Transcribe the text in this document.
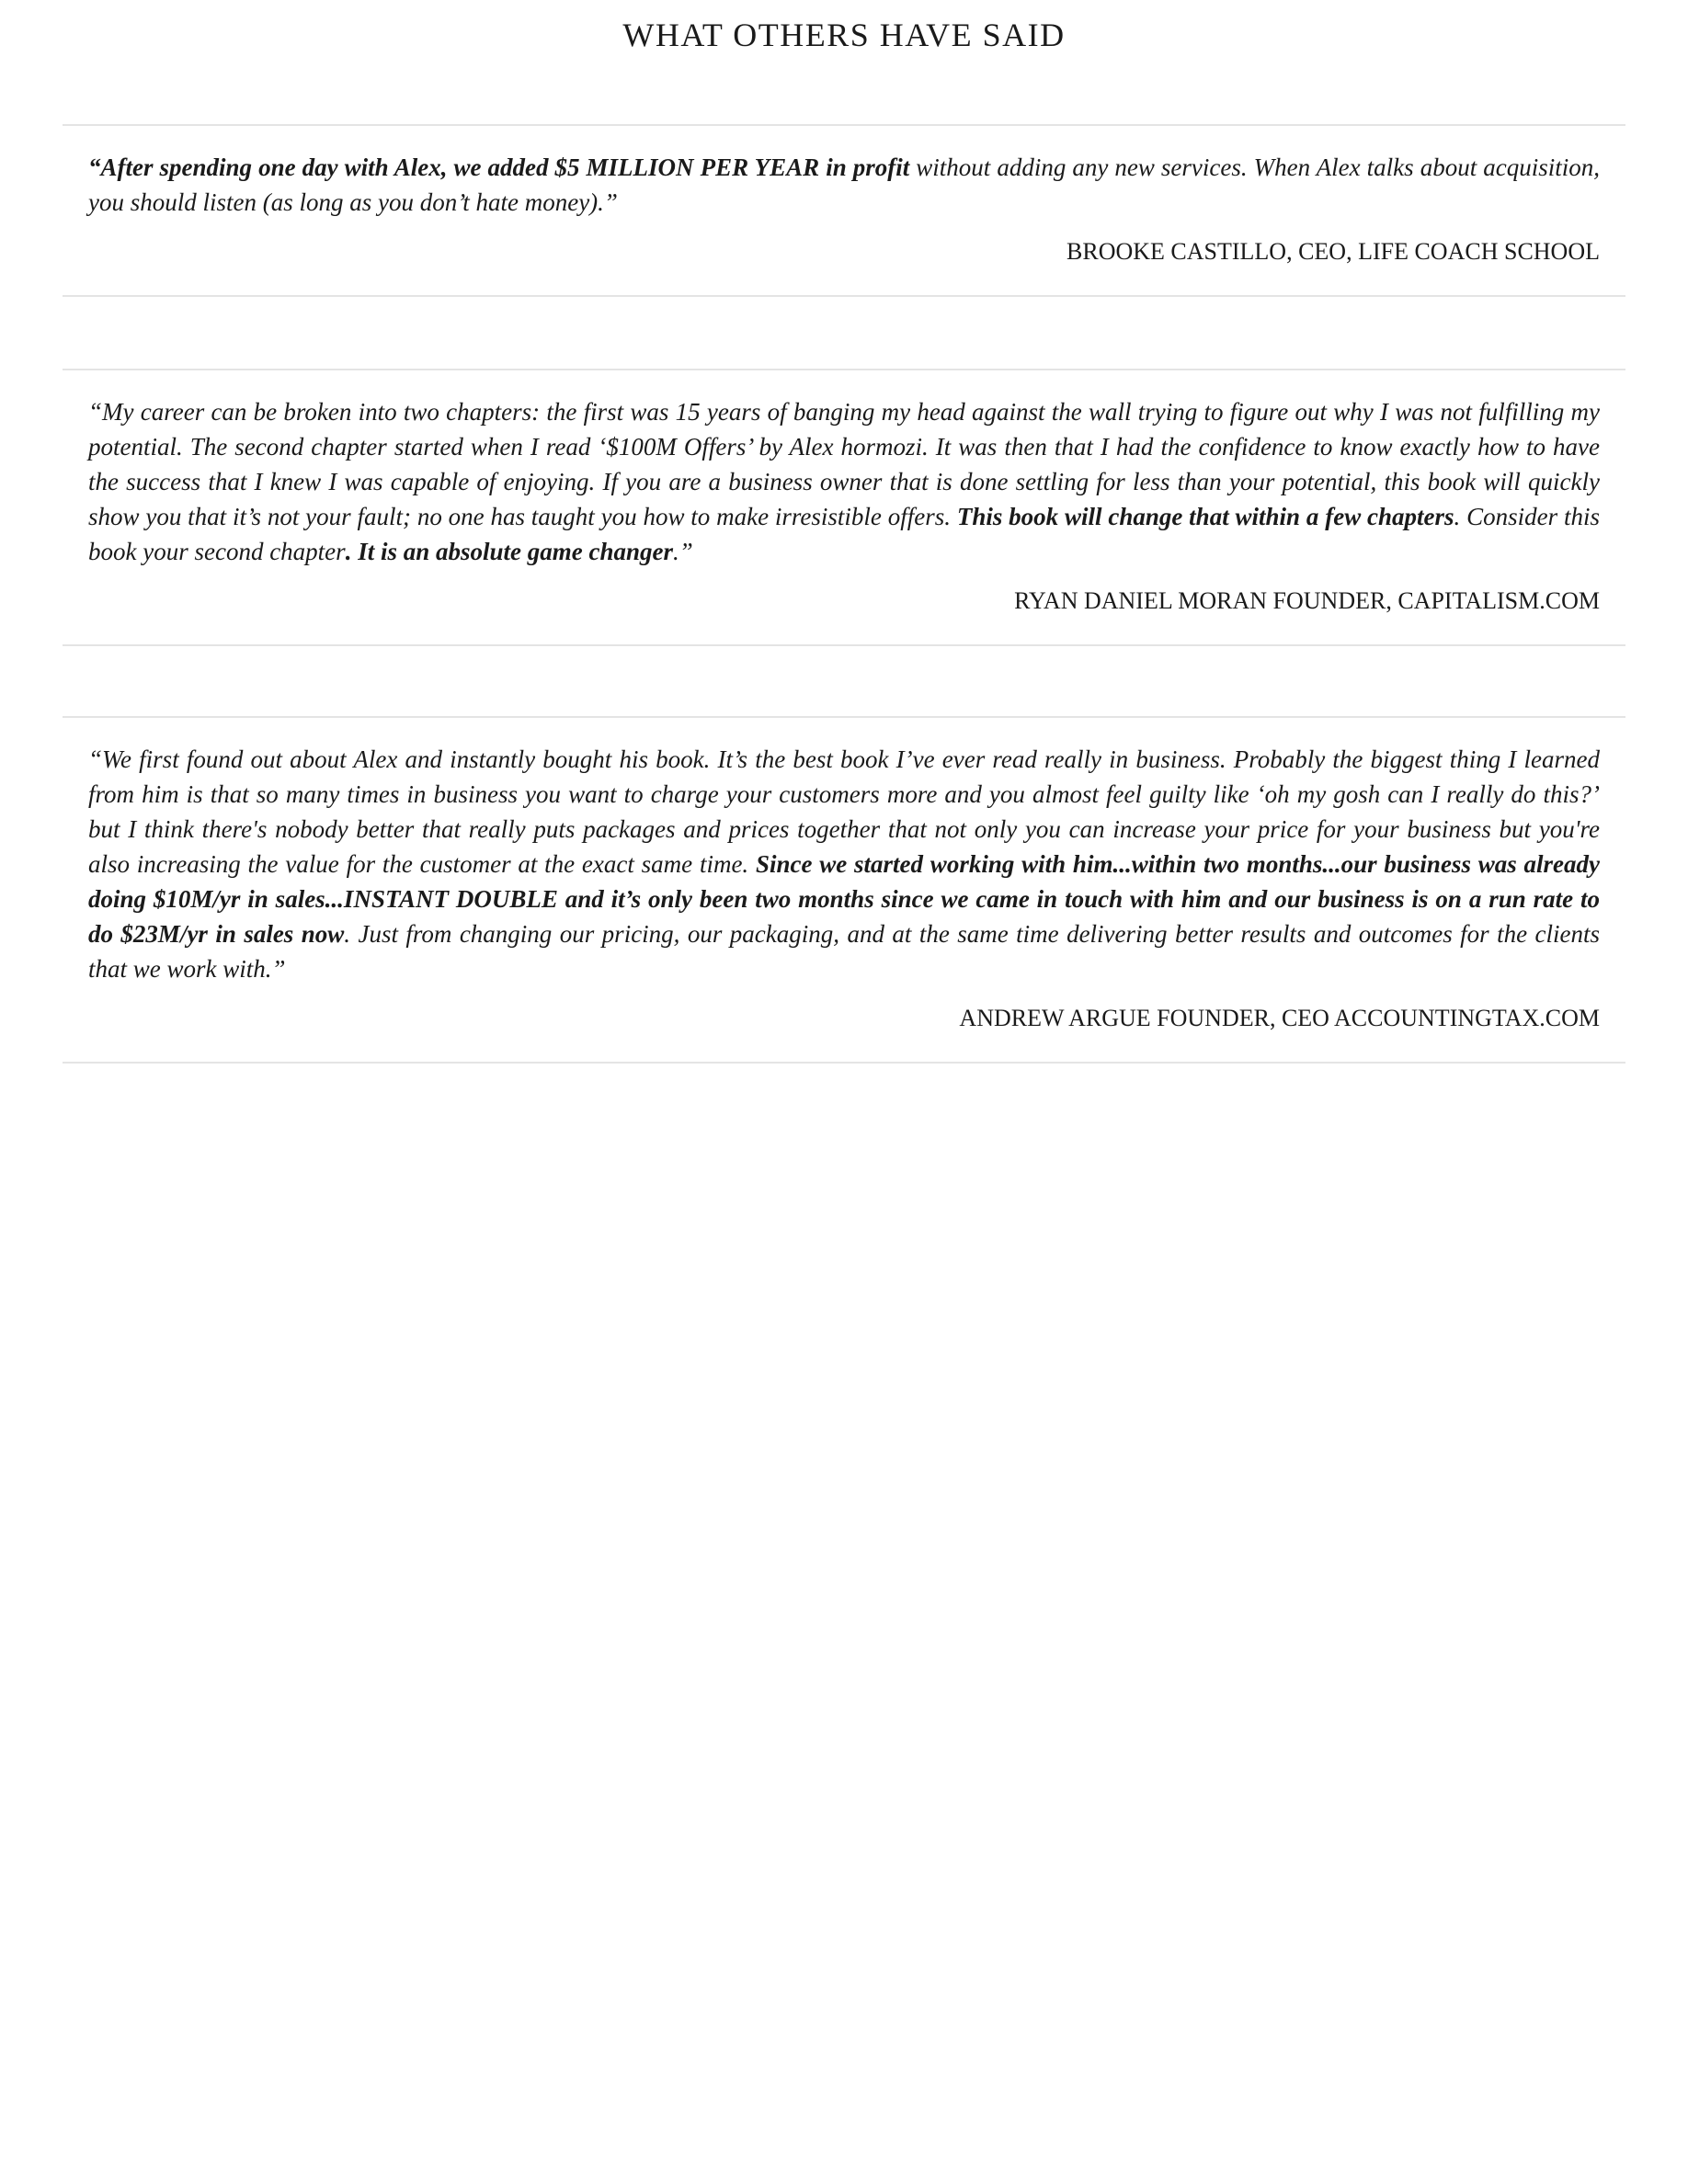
WHAT OTHERS HAVE SAID

“After spending one day with Alex, we added $5 MILLION PER YEAR in profit without adding any new services. When Alex talks about acquisition, you should listen (as long as you don’t hate money).”

BROOKE CASTILLO, CEO, LIFE COACH SCHOOL

“My career can be broken into two chapters: the first was 15 years of banging my head against the wall trying to figure out why I was not fulfilling my potential. The second chapter started when I read ‘$100M Offers’ by Alex hormozi. It was then that I had the confidence to know exactly how to have the success that I knew I was capable of enjoying. If you are a business owner that is done settling for less than your potential, this book will quickly show you that it’s not your fault; no one has taught you how to make irresistible offers. This book will change that within a few chapters. Consider this book your second chapter. It is an absolute game changer.”

RYAN DANIEL MORAN FOUNDER, CAPITALISM.COM

“We first found out about Alex and instantly bought his book. It’s the best book I’ve ever read really in business. Probably the biggest thing I learned from him is that so many times in business you want to charge your customers more and you almost feel guilty like ‘oh my gosh can I really do this?’ but I think there's nobody better that really puts packages and prices together that not only you can increase your price for your business but you're also increasing the value for the customer at the exact same time. Since we started working with him...within two months...our business was already doing $10M/yr in sales...INSTANT DOUBLE and it’s only been two months since we came in touch with him and our business is on a run rate to do $23M/yr in sales now. Just from changing our pricing, our packaging, and at the same time delivering better results and outcomes for the clients that we work with.”

ANDREW ARGUE FOUNDER, CEO ACCOUNTINGTAX.COM
